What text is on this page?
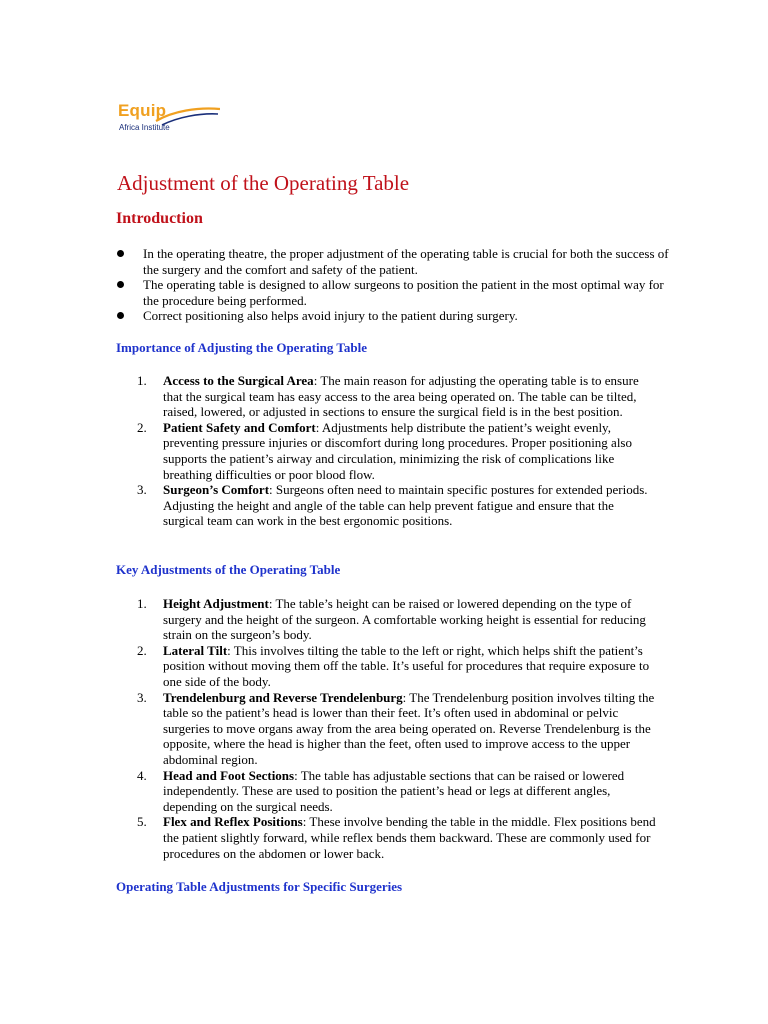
Equip
Africa Institute
Adjustment of the Operating Table
Introduction
In the operating theatre, the proper adjustment of the operating table is crucial for both the success of the surgery and the comfort and safety of the patient.
The operating table is designed to allow surgeons to position the patient in the most optimal way for the procedure being performed.
Correct positioning also helps avoid injury to the patient during surgery.
Importance of Adjusting the Operating Table
1. Access to the Surgical Area: The main reason for adjusting the operating table is to ensure that the surgical team has easy access to the area being operated on. The table can be tilted, raised, lowered, or adjusted in sections to ensure the surgical field is in the best position.
2. Patient Safety and Comfort: Adjustments help distribute the patient’s weight evenly, preventing pressure injuries or discomfort during long procedures. Proper positioning also supports the patient’s airway and circulation, minimizing the risk of complications like breathing difficulties or poor blood flow.
3. Surgeon’s Comfort: Surgeons often need to maintain specific postures for extended periods. Adjusting the height and angle of the table can help prevent fatigue and ensure that the surgical team can work in the best ergonomic positions.
Key Adjustments of the Operating Table
1. Height Adjustment: The table’s height can be raised or lowered depending on the type of surgery and the height of the surgeon. A comfortable working height is essential for reducing strain on the surgeon’s body.
2. Lateral Tilt: This involves tilting the table to the left or right, which helps shift the patient’s position without moving them off the table. It’s useful for procedures that require exposure to one side of the body.
3. Trendelenburg and Reverse Trendelenburg: The Trendelenburg position involves tilting the table so the patient’s head is lower than their feet. It’s often used in abdominal or pelvic surgeries to move organs away from the area being operated on. Reverse Trendelenburg is the opposite, where the head is higher than the feet, often used to improve access to the upper abdominal region.
4. Head and Foot Sections: The table has adjustable sections that can be raised or lowered independently. These are used to position the patient’s head or legs at different angles, depending on the surgical needs.
5. Flex and Reflex Positions: These involve bending the table in the middle. Flex positions bend the patient slightly forward, while reflex bends them backward. These are commonly used for procedures on the abdomen or lower back.
Operating Table Adjustments for Specific Surgeries
